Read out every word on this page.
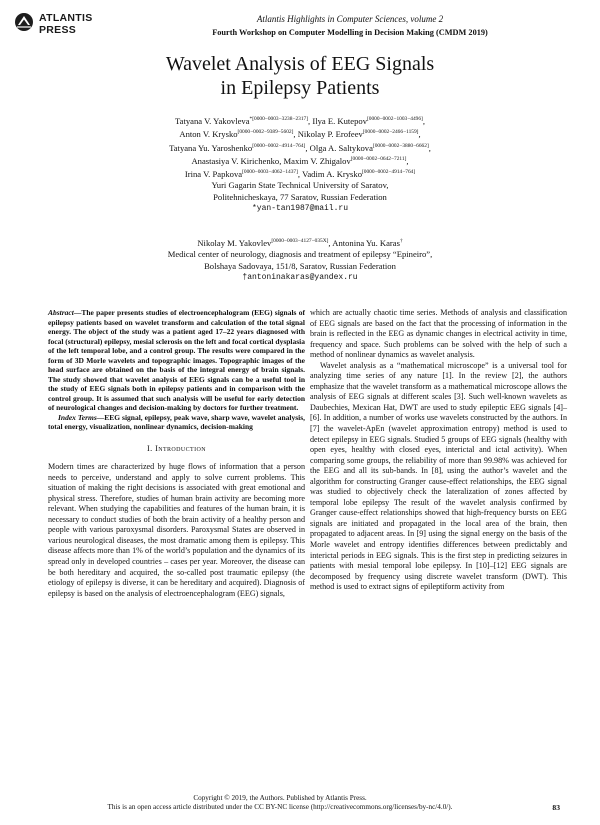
ATLANTIS
PRESS
Atlantis Highlights in Computer Sciences, volume 2
Fourth Workshop on Computer Modelling in Decision Making (CMDM 2019)
Wavelet Analysis of EEG Signals
in Epilepsy Patients
Tatyana V. Yakovleva$^{*[0000-0003-3238-2317]}$, Ilya E. Kutepov[0000−0002−1003−4496],
Anton V. Krysko[0000−0002−9389−5602], Nikolay P. Erofeev[0000−0002−2466−1159],
Tatyana Yu. Yaroshenko[0000−0002−4914−764], Olga A. Saltykova[0000−0002−3880−6662],
Anastasiya V. Kirichenko, Maxim V. Zhigalov[0000−0002−0642−7211],
Irina V. Papkova[0000−0003−4062−1437], Vadim A. Krysko[0000−0002−4914−764]
Yuri Gagarin State Technical University of Saratov,
Politehnicheskaya, 77 Saratov, Russian Federation
*yan-tan1987@mail.ru
Nikolay M. Yakovlev[0000−0003−4127−035X], Antonina Yu. Karas†
Medical center of neurology, diagnosis and treatment of epilepsy “Epineiro”,
Bolshaya Sadovaya, 151/8, Saratov, Russian Federation
†antoninakaras@yandex.ru

Abstract—The paper presents studies of electroencephalogram (EEG) signals of epilepsy patients based on wavelet transform and calculation of the total signal energy. The object of the study was a patient aged 17–22 years diagnosed with focal (structural) epilepsy, mesial sclerosis on the left and focal cortical dysplasia of the left temporal lobe, and a control group. The results were compared in the form of 3D Morle wavelets and topographic images. Topographic images of the head surface are obtained on the basis of the integral energy of brain signals. The study showed that wavelet analysis of EEG signals can be a useful tool in the study of EEG signals both in epilepsy patients and in comparison with the control group. It is assumed that such analysis will be useful for early detection of neurological changes and decision-making by doctors for further treatment.

Index Terms—EEG signal, epilepsy, peak wave, sharp wave, wavelet analysis, total energy, visualization, nonlinear dynamics, decision-making

I. Introduction

Modern times are characterized by huge flows of information that a person needs to perceive, understand and apply to solve current problems. This situation of making the right decisions is associated with great emotional and physical stress. Therefore, studies of human brain activity are becoming more relevant. When studying the capabilities and features of the human brain, it is necessary to conduct studies of both the brain activity of a healthy person and people with various paroxysmal disorders. Paroxysmal States are observed in various neurological diseases, the most dramatic among them is epilepsy. This disease affects more than 1% of the world’s population and the dynamics of its spread only in developed countries – cases per year. Moreover, the disease can be both hereditary and acquired, the so-called post traumatic epilepsy (the etiology of epilepsy is diverse, it can be hereditary and acquired). Diagnosis of epilepsy is based on the analysis of electroencephalogram (EEG) signals,

which are actually chaotic time series. Methods of analysis and classification of EEG signals are based on the fact that the processing of information in the brain is reflected in the EEG as dynamic changes in electrical activity in time, frequency and space. Such problems can be solved with the help of such a method of nonlinear dynamics as wavelet analysis.

Wavelet analysis as a “mathematical microscope” is a universal tool for analyzing time series of any nature [1]. In the review [2], the authors emphasize that the wavelet transform as a mathematical microscope allows the analysis of EEG signals at different scales [3]. Such well-known wavelets as Daubechies, Mexican Hat, DWT are used to study epileptic EEG signals [4]–[6]. In addition, a number of works use wavelets constructed by the authors. In [7] the wavelet-ApEn (wavelet approximation entropy) method is used to detect epilepsy in EEG signals. Studied 5 groups of EEG signals (healthy with open eyes, healthy with closed eyes, interictal and ictal activity). When comparing some groups, the reliability of more than 99.98% was achieved for the EEG and all its sub-bands. In [8], using the author’s wavelet and the algorithm for constructing Granger cause-effect relationships, the EEG signal was studied to objectively check the lateralization of zones affected by temporal lobe epilepsy The result of the wavelet analysis confirmed by Granger cause-effect relationships showed that high-frequency bursts on EEG signals are initiated and propagated in the local area of the brain, then propagated to adjacent areas. In [9] using the signal energy on the basis of the Morle wavelet and entropy identifies differences between predictably and interictal periods in EEG signals. This is the first step in predicting seizures in patients with mesial temporal lobe epilepsy. In [10]–[12] EEG signals are decomposed by frequency using discrete wavelet transform (DWT). This method is used to extract signs of epileptiform activity from

Copyright © 2019, the Authors. Published by Atlantis Press.
This is an open access article distributed under the CC BY-NC license (http://creativecommons.org/licenses/by-nc/4.0/).	83
